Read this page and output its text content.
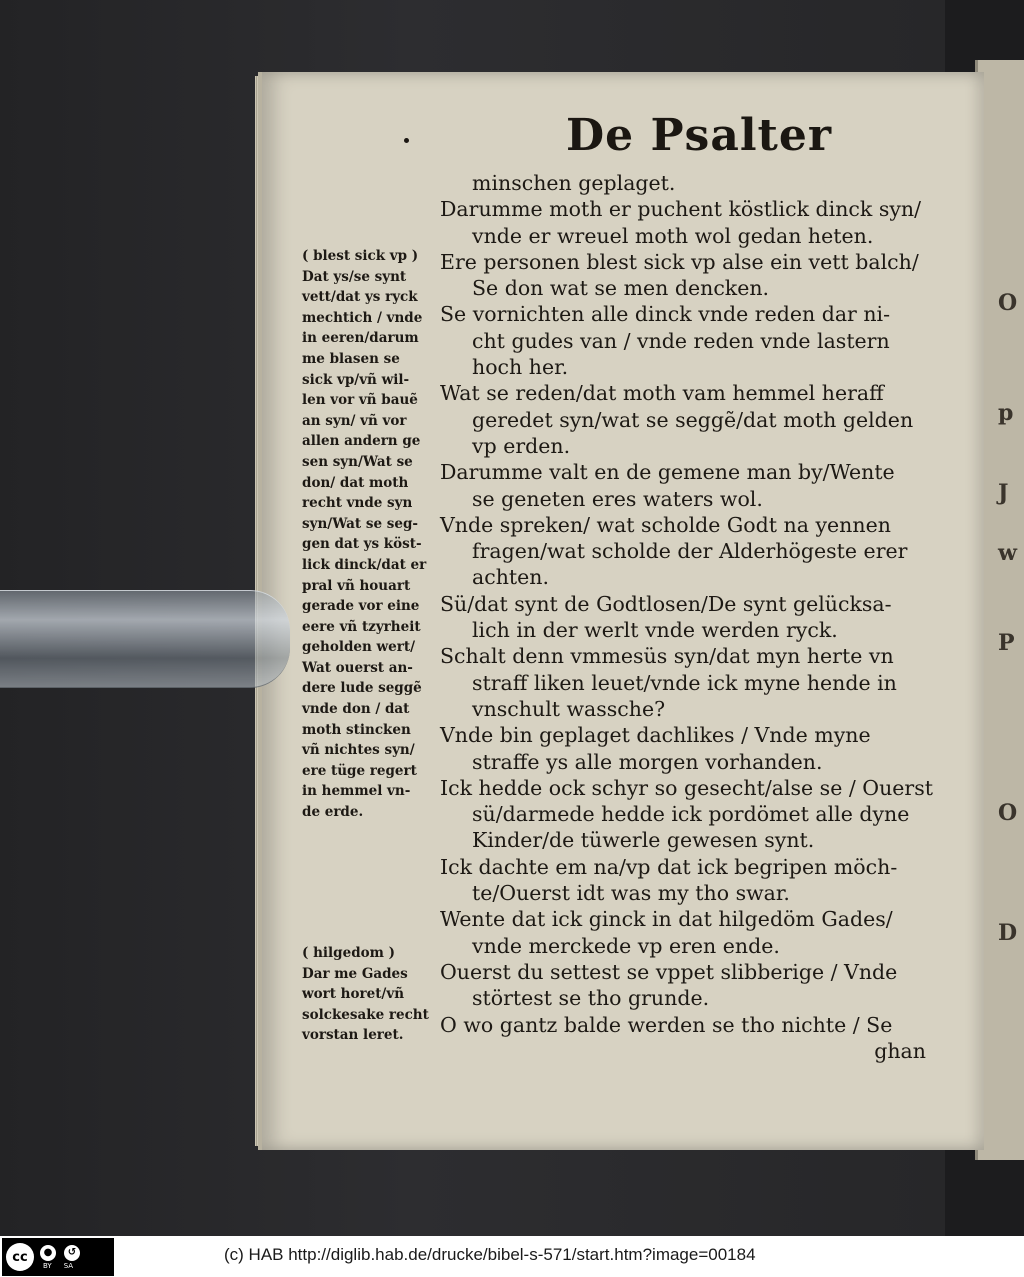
O
p
J
w
P
O
D
De Psalter
minschen geplaget.
Darumme moth er puchent köstlick dinck syn/
vnde er wreuel moth wol gedan heten.
Ere personen blest sick vp alse ein vett balch/
Se don wat se men dencken.
Se vornichten alle dinck vnde reden dar ni-
cht gudes van / vnde reden vnde lastern
hoch her.
Wat se reden/dat moth vam hemmel heraff
geredet syn/wat se seggẽ/dat moth gelden
vp erden.
Darumme valt en de gemene man by/Wente
se geneten eres waters wol.
Vnde spreken/ wat scholde Godt na yennen
fragen/wat scholde der Alderhögeste erer
achten.
Sü/dat synt de Godtlosen/De synt gelücksa-
lich in der werlt vnde werden ryck.
Schalt denn vmmesüs syn/dat myn herte vn
straff liken leuet/vnde ick myne hende in
vnschult wassche?
Vnde bin geplaget dachlikes / Vnde myne
straffe ys alle morgen vorhanden.
Ick hedde ock schyr so gesecht/alse se / Ouerst
sü/darmede hedde ick pordömet alle dyne
Kinder/de tüwerle gewesen synt.
Ick dachte em na/vp dat ick begripen möch-
te/Ouerst idt was my tho swar.
Wente dat ick ginck in dat hilgedöm Gades/
vnde merckede vp eren ende.
Ouerst du settest se vppet slibberige / Vnde
störtest se tho grunde.
O wo gantz balde werden se tho nichte / Se
ghan
( blest sick vp )
Dat ys/se synt
vett/dat ys ryck
mechtich / vnde
in eeren/darum
me blasen se
sick vp/vñ wil-
len vor vñ bauẽ
an syn/ vñ vor
allen andern ge
sen syn/Wat se
don/ dat moth
recht vnde syn
syn/Wat se seg-
gen dat ys köst-
lick dinck/dat er
pral vñ houart
gerade vor eine
eere vñ tzyrheit
geholden wert/
Wat ouerst an-
dere lude seggẽ
vnde don / dat
moth stincken
vñ nichtes syn/
ere tüge regert
in hemmel vn-
de erde.
( hilgedom )
Dar me Gades
wort horet/vñ
solckesake recht
vorstan leret.
cc	●	↺
BY SA
(c) HAB http://diglib.hab.de/drucke/bibel-s-571/start.htm?image=00184
